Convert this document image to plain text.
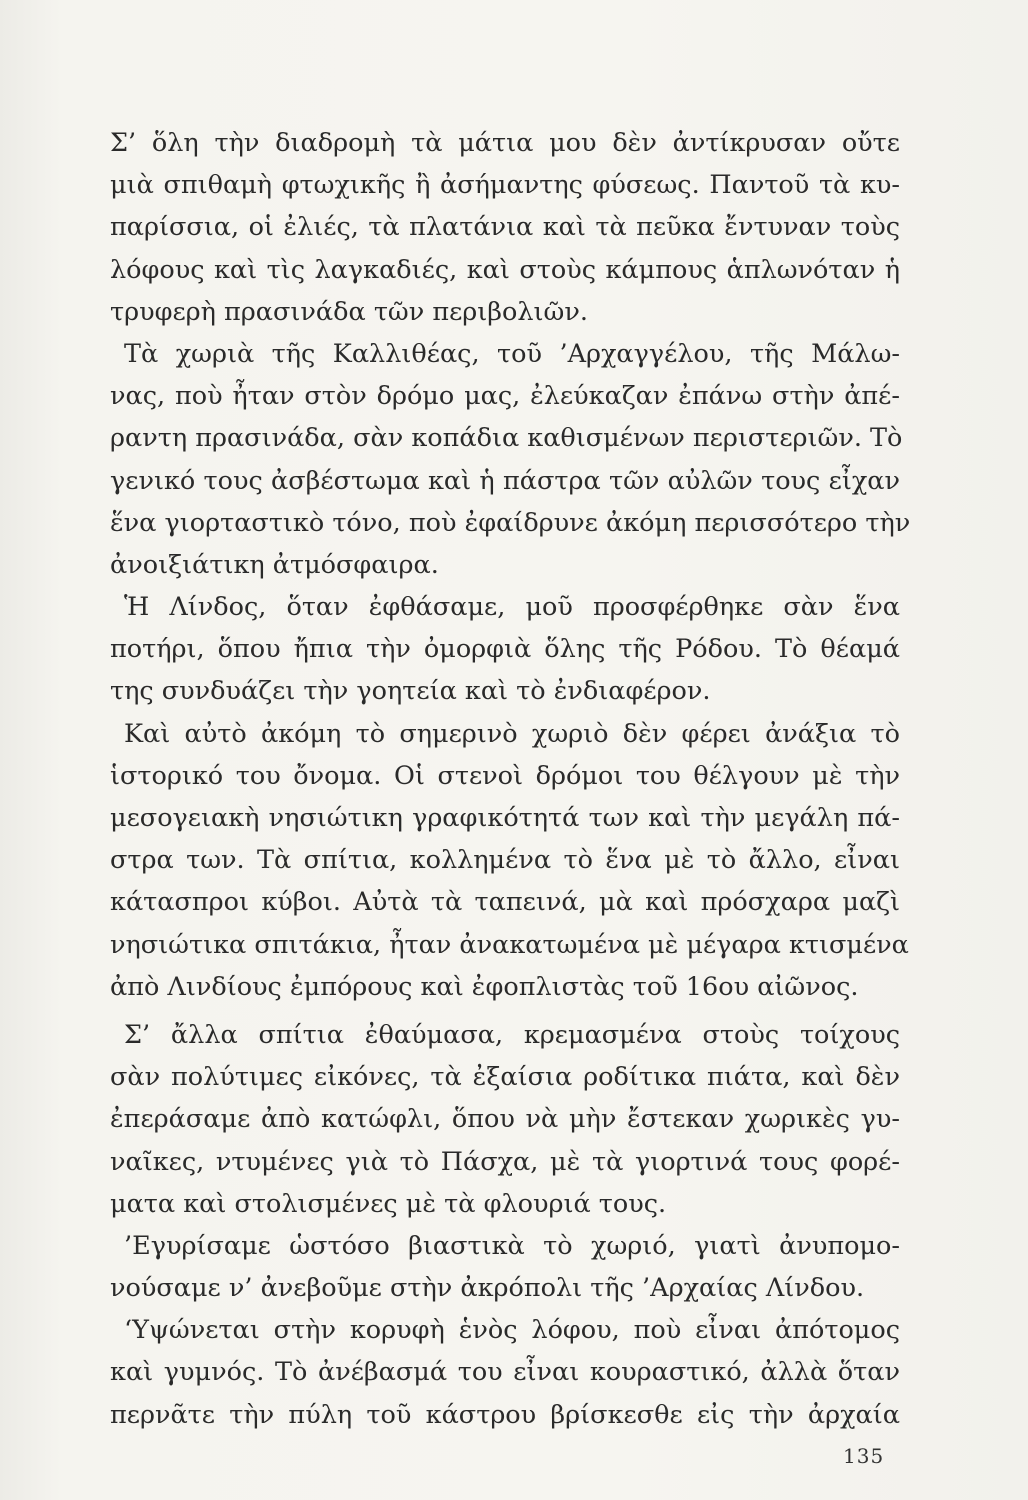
Σ’ ὅλη τὴν διαδρομὴ τὰ μάτια μου δὲν ἀντίκρυσαν οὔτε
μιὰ σπιθαμὴ φτωχικῆς ἢ ἀσήμαντης φύσεως. Παντοῦ τὰ κυ-
παρίσσια, οἱ ἐλιές, τὰ πλατάνια καὶ τὰ πεῦκα ἔντυναν τοὺς
λόφους καὶ τὶς λαγκαδιές, καὶ στοὺς κάμπους ἁπλωνόταν ἡ
τρυφερὴ πρασινάδα τῶν περιβολιῶν.
Τὰ χωριὰ τῆς Καλλιθέας, τοῦ ’Αρχαγγέλου, τῆς Μάλω-
νας, ποὺ ἦταν στὸν δρόμο μας, ἐλεύκαζαν ἐπάνω στὴν ἀπέ-
ραντη πρασινάδα, σὰν κοπάδια καθισμένων περιστεριῶν. Τὸ
γενικό τους ἀσβέστωμα καὶ ἡ πάστρα τῶν αὐλῶν τους εἶχαν
ἕνα γιορταστικὸ τόνο, ποὺ ἐφαίδρυνε ἀκόμη περισσότερο τὴν
ἀνοιξιάτικη ἀτμόσφαιρα.
Ἡ Λίνδος, ὅταν ἐφθάσαμε, μοῦ προσφέρθηκε σὰν ἕνα
ποτήρι, ὅπου ἤπια τὴν ὀμορφιὰ ὅλης τῆς Ρόδου. Τὸ θέαμά
της συνδυάζει τὴν γοητεία καὶ τὸ ἐνδιαφέρον.
Καὶ αὐτὸ ἀκόμη τὸ σημερινὸ χωριὸ δὲν φέρει ἀνάξια τὸ
ἱστορικό του ὄνομα. Οἱ στενοὶ δρόμοι του θέλγουν μὲ τὴν
μεσογειακὴ νησιώτικη γραφικότητά των καὶ τὴν μεγάλη πά-
στρα των. Τὰ σπίτια, κολλημένα τὸ ἕνα μὲ τὸ ἄλλο, εἶναι
κάτασπροι κύβοι. Αὐτὰ τὰ ταπεινά, μὰ καὶ πρόσχαρα μαζὶ
νησιώτικα σπιτάκια, ἦταν ἀνακατωμένα μὲ μέγαρα κτισμένα
ἀπὸ Λινδίους ἐμπόρους καὶ ἐφοπλιστὰς τοῦ 16ου αἰῶνος.
Σ’ ἄλλα σπίτια ἐθαύμασα, κρεμασμένα στοὺς τοίχους
σὰν πολύτιμες εἰκόνες, τὰ ἐξαίσια ροδίτικα πιάτα, καὶ δὲν
ἐπεράσαμε ἀπὸ κατώφλι, ὅπου νὰ μὴν ἔστεκαν χωρικὲς γυ-
ναῖκες, ντυμένες γιὰ τὸ Πάσχα, μὲ τὰ γιορτινά τους φορέ-
ματα καὶ στολισμένες μὲ τὰ φλουριά τους.
’Εγυρίσαμε ὡστόσο βιαστικὰ τὸ χωριό, γιατὶ ἀνυπομο-
νούσαμε ν’ ἀνεβοῦμε στὴν ἀκρόπολι τῆς ’Αρχαίας Λίνδου.
‘Υψώνεται στὴν κορυφὴ ἑνὸς λόφου, ποὺ εἶναι ἀπότομος
καὶ γυμνός. Τὸ ἀνέβασμά του εἶναι κουραστικό, ἀλλὰ ὅταν
περνᾶτε τὴν πύλη τοῦ κάστρου βρίσκεσθε εἰς τὴν ἀρχαία
135
